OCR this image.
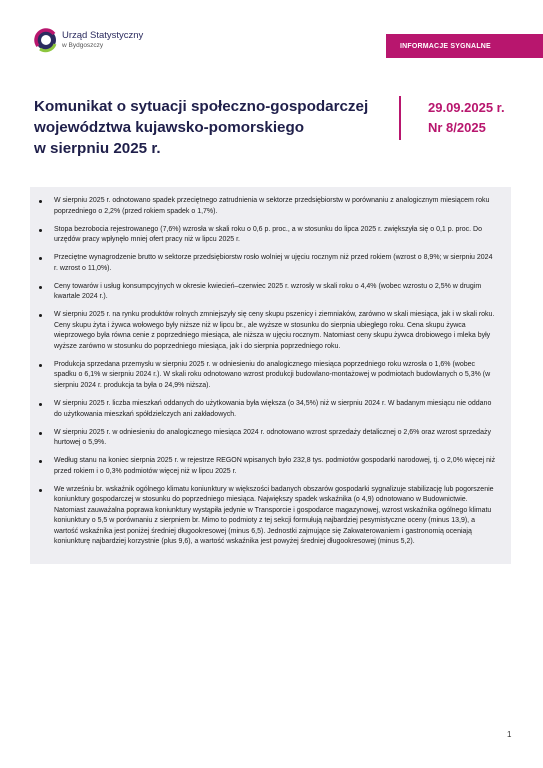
Urząd Statystyczny
w Bydgoszczy	INFORMACJE SYGNALNE
Komunikat o sytuacji społeczno-gospodarczej
województwa kujawsko-pomorskiego
w sierpniu 2025 r.
29.09.2025 r.
Nr 8/2025
W sierpniu 2025 r. odnotowano spadek przeciętnego zatrudnienia w sektorze przedsiębiorstw w porównaniu z analogicznym miesiącem roku poprzedniego o 2,2% (przed rokiem spadek o 1,7%).
Stopa bezrobocia rejestrowanego (7,6%) wzrosła w skali roku o 0,6 p. proc., a w stosunku do lipca 2025 r. zwiększyła się o 0,1 p. proc. Do urzędów pracy wpłynęło mniej ofert pracy niż w lipcu 2025 r.
Przeciętne wynagrodzenie brutto w sektorze przedsiębiorstw rosło wolniej w ujęciu rocznym niż przed rokiem (wzrost o 8,9%; w sierpniu 2024 r. wzrost o 11,0%).
Ceny towarów i usług konsumpcyjnych w okresie kwiecień–czerwiec 2025 r. wzrosły w skali roku o 4,4% (wobec wzrostu o 2,5% w drugim kwartale 2024 r.).
W sierpniu 2025 r. na rynku produktów rolnych zmniejszyły się ceny skupu pszenicy i ziemniaków, zarówno w skali miesiąca, jak i w skali roku. Ceny skupu żyta i żywca wołowego były niższe niż w lipcu br., ale wyższe w stosunku do sierpnia ubiegłego roku. Cena skupu żywca wieprzowego była równa cenie z poprzedniego miesiąca, ale niższa w ujęciu rocznym. Natomiast ceny skupu żywca drobiowego i mleka były wyższe zarówno w stosunku do poprzedniego miesiąca, jak i do sierpnia poprzedniego roku.
Produkcja sprzedana przemysłu w sierpniu 2025 r. w odniesieniu do analogicznego miesiąca poprzedniego roku wzrosła o 1,6% (wobec spadku o 6,1% w sierpniu 2024 r.). W skali roku odnotowano wzrost produkcji budowlano-montażowej w podmiotach budowlanych o 5,3% (w sierpniu 2024 r. produkcja ta była o 24,9% niższa).
W sierpniu 2025 r. liczba mieszkań oddanych do użytkowania była większa (o 34,5%) niż w sierpniu 2024 r. W badanym miesiącu nie oddano do użytkowania mieszkań spółdzielczych ani zakładowych.
W sierpniu 2025 r. w odniesieniu do analogicznego miesiąca 2024 r. odnotowano wzrost sprzedaży detalicznej o 2,6% oraz wzrost sprzedaży hurtowej o 5,9%.
Według stanu na koniec sierpnia 2025 r. w rejestrze REGON wpisanych było 232,8 tys. podmiotów gospodarki narodowej, tj. o 2,0% więcej niż przed rokiem i o 0,3% podmiotów więcej niż w lipcu 2025 r.
We wrześniu br. wskaźnik ogólnego klimatu koniunktury w większości badanych obszarów gospodarki sygnalizuje stabilizację lub pogorszenie koniunktury gospodarczej w stosunku do poprzedniego miesiąca. Największy spadek wskaźnika (o 4,9) odnotowano w Budownictwie. Natomiast zauważalna poprawa koniunktury wystąpiła jedynie w Transporcie i gospodarce magazynowej, wzrost wskaźnika ogólnego klimatu koniunktury o 5,5 w porównaniu z sierpniem br. Mimo to podmioty z tej sekcji formułują najbardziej pesymistyczne oceny (minus 13,9), a wartość wskaźnika jest poniżej średniej długookresowej (minus 6,5). Jednostki zajmujące się Zakwaterowaniem i gastronomią oceniają koniunkturę najbardziej korzystnie (plus 9,6), a wartość wskaźnika jest powyżej średniej długookresowej (minus 5,2).
1
